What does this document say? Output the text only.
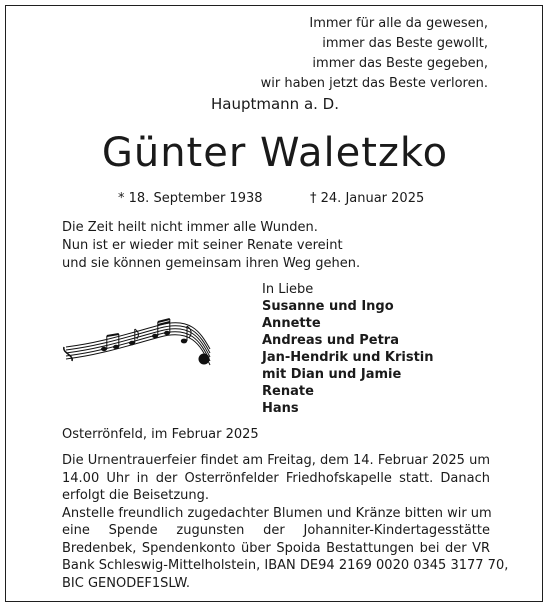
Immer für alle da gewesen,
immer das Beste gewollt,
immer das Beste gegeben,
wir haben jetzt das Beste verloren.
Hauptmann a. D.
Günter Waletzko
* 18. September 1938	† 24. Januar 2025
Die Zeit heilt nicht immer alle Wunden.
Nun ist er wieder mit seiner Renate vereint
und sie können gemeinsam ihren Weg gehen.
In Liebe
Susanne und Ingo
Annette
Andreas und Petra
Jan-Hendrik und Kristin
mit Dian und Jamie
Renate
Hans
Osterrönfeld, im Februar 2025
Die Urnentrauerfeier findet am Freitag, dem 14. Februar 2025 um
14.00 Uhr in der Osterrönfelder Friedhofskapelle statt. Danach
erfolgt die Beisetzung.
Anstelle freundlich zugedachter Blumen und Kränze bitten wir um
eine Spende zugunsten der Johanniter-Kindertagesstätte
Bredenbek, Spendenkonto über Spoida Bestattungen bei der VR
Bank Schleswig-Mittelholstein, IBAN DE94 2169 0020 0345 3177 70,
BIC GENODEF1SLW.
